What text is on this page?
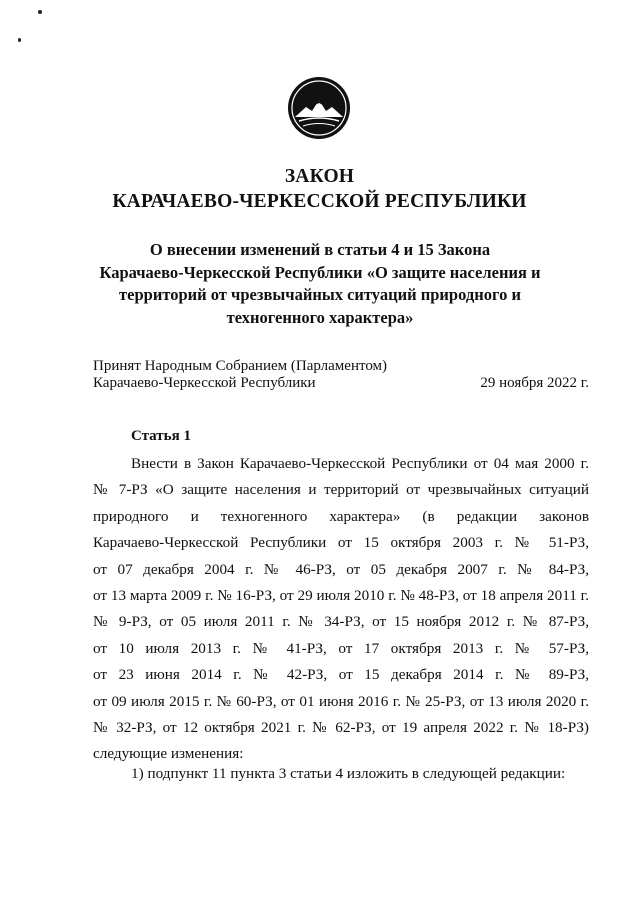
ЗАКОН
КАРАЧАЕВО-ЧЕРКЕССКОЙ РЕСПУБЛИКИ
О внесении изменений в статьи 4 и 15 Закона
Карачаево-Черкесской Республики «О защите населения и
территорий от чрезвычайных ситуаций природного и
техногенного характера»
Принят Народным Собранием (Парламентом)
Карачаево-Черкесской Республики	29 ноября 2022 г.
Статья 1
Внести в Закон Карачаево-Черкесской Республики от 04 мая 2000 г.
№ 7-РЗ «О защите населения и территорий от чрезвычайных ситуаций
природного и техногенного характера» (в редакции законов
Карачаево-Черкесской Республики от 15 октября 2003 г. № 51-РЗ,
от 07 декабря 2004 г. № 46-РЗ, от 05 декабря 2007 г. № 84-РЗ,
от 13 марта 2009 г. № 16-РЗ, от 29 июля 2010 г. № 48-РЗ, от 18 апреля 2011 г.
№ 9-РЗ, от 05 июля 2011 г. № 34-РЗ, от 15 ноября 2012 г. № 87-РЗ,
от 10 июля 2013 г. № 41-РЗ, от 17 октября 2013 г. № 57-РЗ,
от 23 июня 2014 г. № 42-РЗ, от 15 декабря 2014 г. № 89-РЗ,
от 09 июля 2015 г. № 60-РЗ, от 01 июня 2016 г. № 25-РЗ, от 13 июля 2020 г.
№ 32-РЗ, от 12 октября 2021 г. № 62-РЗ, от 19 апреля 2022 г. № 18-РЗ)
следующие изменения:
1) подпункт 11 пункта 3 статьи 4 изложить в следующей редакции:
